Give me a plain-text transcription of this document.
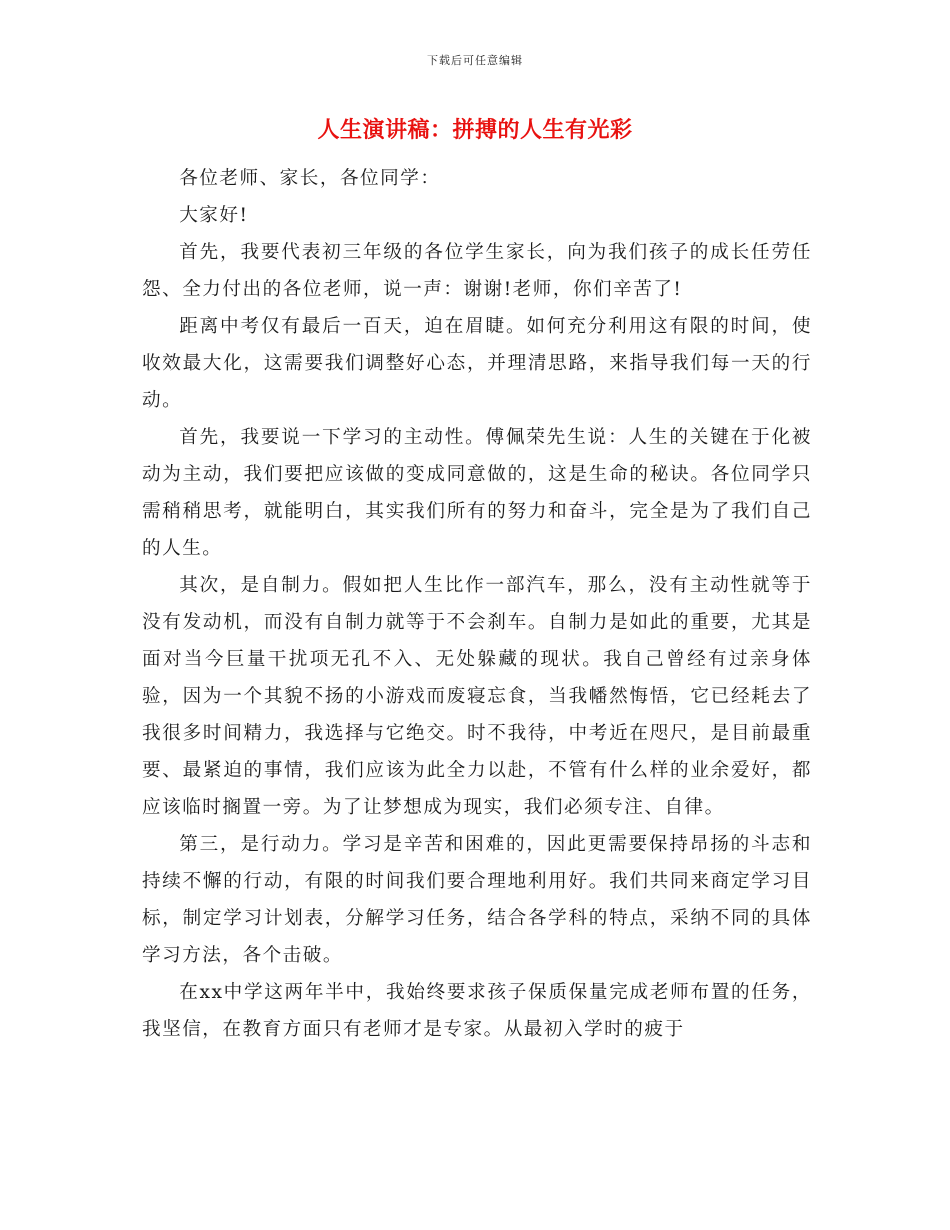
下载后可任意编辑
人生演讲稿：拼搏的人生有光彩

各位老师、家长，各位同学：

大家好!

首先，我要代表初三年级的各位学生家长，向为我们孩子的成长任劳任怨、全力付出的各位老师，说一声：谢谢!老师，你们辛苦了!

距离中考仅有最后一百天，迫在眉睫。如何充分利用这有限的时间，使收效最大化，这需要我们调整好心态，并理清思路，来指导我们每一天的行动。

首先，我要说一下学习的主动性。傅佩荣先生说：人生的关键在于化被动为主动，我们要把应该做的变成同意做的，这是生命的秘诀。各位同学只需稍稍思考，就能明白，其实我们所有的努力和奋斗，完全是为了我们自己的人生。

其次，是自制力。假如把人生比作一部汽车，那么，没有主动性就等于没有发动机，而没有自制力就等于不会刹车。自制力是如此的重要，尤其是面对当今巨量干扰项无孔不入、无处躲藏的现状。我自己曾经有过亲身体验，因为一个其貌不扬的小游戏而废寝忘食，当我幡然悔悟，它已经耗去了我很多时间精力，我选择与它绝交。时不我待，中考近在咫尺，是目前最重要、最紧迫的事情，我们应该为此全力以赴，不管有什么样的业余爱好，都应该临时搁置一旁。为了让梦想成为现实，我们必须专注、自律。

第三，是行动力。学习是辛苦和困难的，因此更需要保持昂扬的斗志和持续不懈的行动，有限的时间我们要合理地利用好。我们共同来商定学习目标，制定学习计划表，分解学习任务，结合各学科的特点，采纳不同的具体学习方法，各个击破。

在xx中学这两年半中，我始终要求孩子保质保量完成老师布置的任务，我坚信，在教育方面只有老师才是专家。从最初入学时的疲于
